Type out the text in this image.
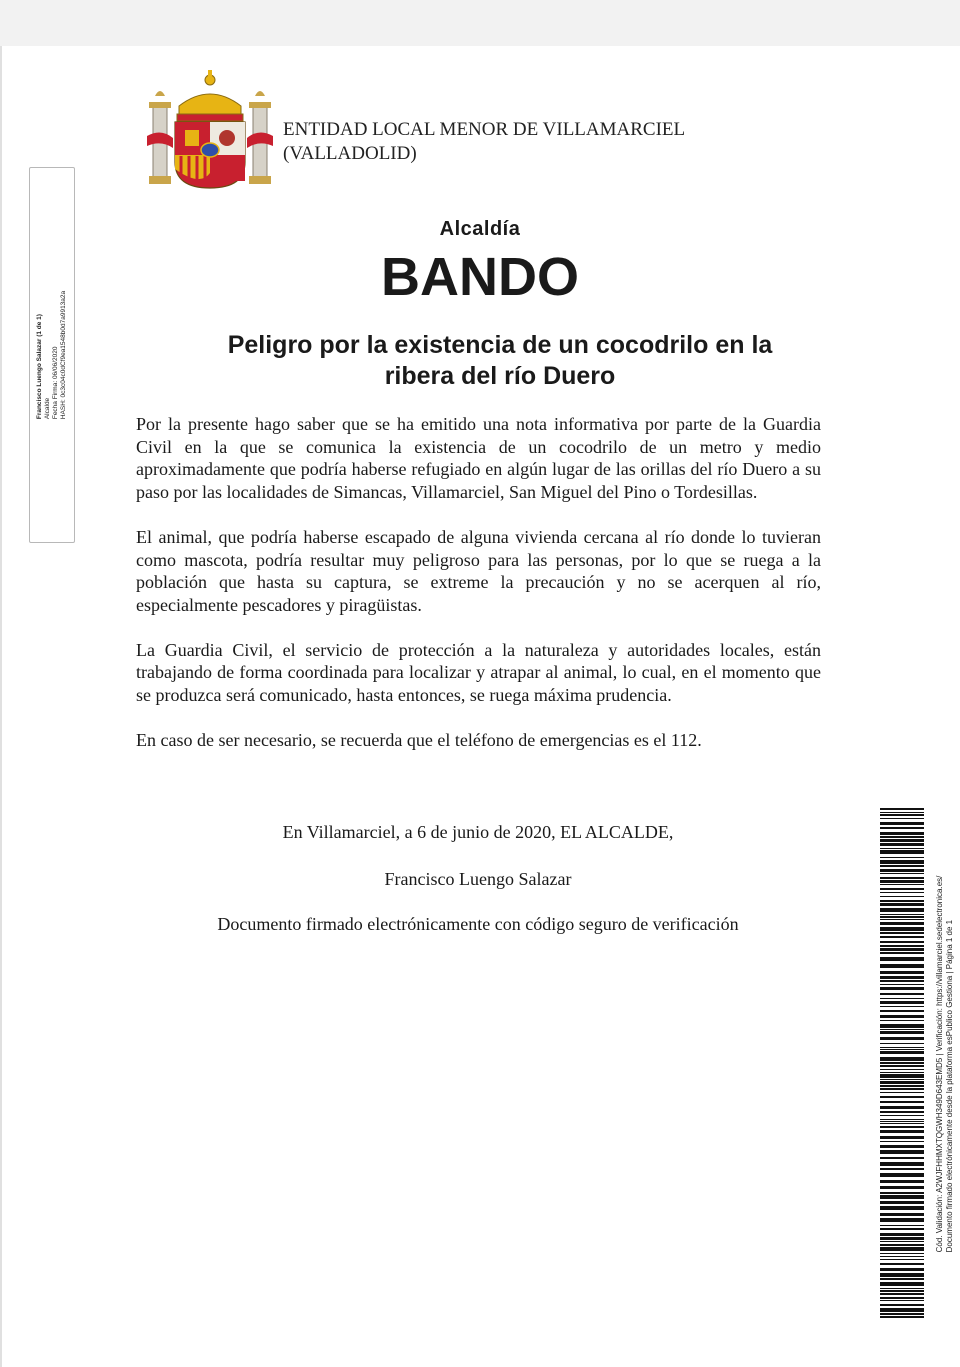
Francisco Luengo Salazar (1 de 1) Alcalde Fecha Firma: 06/06/2020 HASH: 0c3c04c0dCf9ea1548b0d7a9913a2a
ENTIDAD LOCAL MENOR DE VILLAMARCIEL
(VALLADOLID)
Alcaldía
BANDO
Peligro por la existencia de un cocodrilo en la
ribera del río Duero

Por la presente hago saber que se ha emitido una nota informativa por parte de la Guardia Civil en la que se comunica la existencia de un cocodrilo de un metro y medio aproximadamente que podría haberse refugiado en algún lugar de las orillas del río Duero a su paso por las localidades de Simancas, Villamarciel, San Miguel del Pino o Tordesillas.

El animal, que podría haberse escapado de alguna vivienda cercana al río donde lo tuvieran como mascota, podría resultar muy peligroso para las personas, por lo que se ruega a la población que hasta su captura, se extreme la precaución y no se acerquen al río, especialmente pescadores y piragüistas.

La Guardia Civil, el servicio de protección a la naturaleza y autoridades locales, están trabajando de forma coordinada para localizar y atrapar al animal, lo cual, en el momento que se produzca será comunicado, hasta entonces, se ruega máxima prudencia.

En caso de ser necesario, se recuerda que el teléfono de emergencias es el 112.

En Villamarciel, a 6 de junio de 2020, EL ALCALDE,
Francisco Luengo Salazar
Documento firmado electrónicamente con código seguro de verificación	Cód. Validación: A2WJFHHMXTQGWH349D643EMD5 | Verificación: https://villamarciel.sedelectronica.es/ Documento firmado electrónicamente desde la plataforma esPublico Gestiona | Página 1 de 1
